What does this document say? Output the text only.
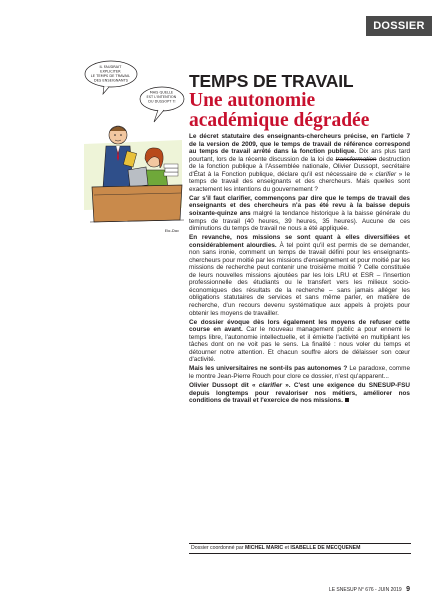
DOSSIER
IL FAUDRAIT EXPLICITER LE TEMPS DE TRAVAIL DES ENSEIGNANTS
MAIS QUELLE EST L'INTENTION DU DUSSOPT ?!
Elo-Doc
TEMPS DE TRAVAIL
Une autonomie académique dégradée

Le décret statutaire des enseignants-chercheurs précise, en l'article 7 de la version de 2009, que le temps de travail de référence correspond au temps de travail arrêté dans la fonction publique. Dix ans plus tard pourtant, lors de la récente discussion de la loi de transformation destruction de la fonction publique à l'Assemblée nationale, Olivier Dussopt, secrétaire d'État à la Fonction publique, déclare qu'il est nécessaire de « clarifier » le temps de travail des enseignants et des chercheurs. Mais quelles sont exactement les intentions du gouvernement ?

Car s'il faut clarifier, commençons par dire que le temps de travail des enseignants et des chercheurs n'a pas été revu à la baisse depuis soixante-quinze ans malgré la tendance historique à la baisse générale du temps de travail (40 heures, 39 heures, 35 heures). Aucune de ces diminutions du temps de travail ne nous a été appliquée.

En revanche, nos missions se sont quant à elles diversifiées et considérablement alourdies. À tel point qu'il est permis de se demander, non sans ironie, comment un temps de travail défini pour les enseignants-chercheurs pour moitié par les missions d'enseignement et pour moitié par les missions de recherche peut contenir une troisième moitié ? Celle constituée de leurs nouvelles missions ajoutées par les lois LRU et ESR – l'insertion professionnelle des étudiants ou le transfert vers les milieux socio-économiques des résultats de la recherche – sans jamais alléger les obligations statutaires de services et sans même parler, en matière de recherche, d'un recours devenu systématique aux appels à projets pour obtenir les moyens de travailler.

Ce dossier évoque dès lors également les moyens de refuser cette course en avant. Car le nouveau management public a pour ennemi le temps libre, l'autonomie intellectuelle, et il émiette l'activité en multipliant les tâches dont on ne voit pas le sens. La finalité : nous voler du temps et détourner notre attention. Et chacun souffre alors de délaisser son cœur d'activité.

Mais les universitaires ne sont-ils pas autonomes ? Le paradoxe, comme le montre Jean-Pierre Rouch pour clore ce dossier, n'est qu'apparent...

Olivier Dussopt dit « clarifier ». C'est une exigence du SNESUP-FSU depuis longtemps pour revaloriser nos métiers, améliorer nos conditions de travail et l'exercice de nos missions.

Dossier coordonné par MICHEL MARIC et ISABELLE DE MECQUENEM
LE SNESUP N° 676 - JUIN 2019 9
